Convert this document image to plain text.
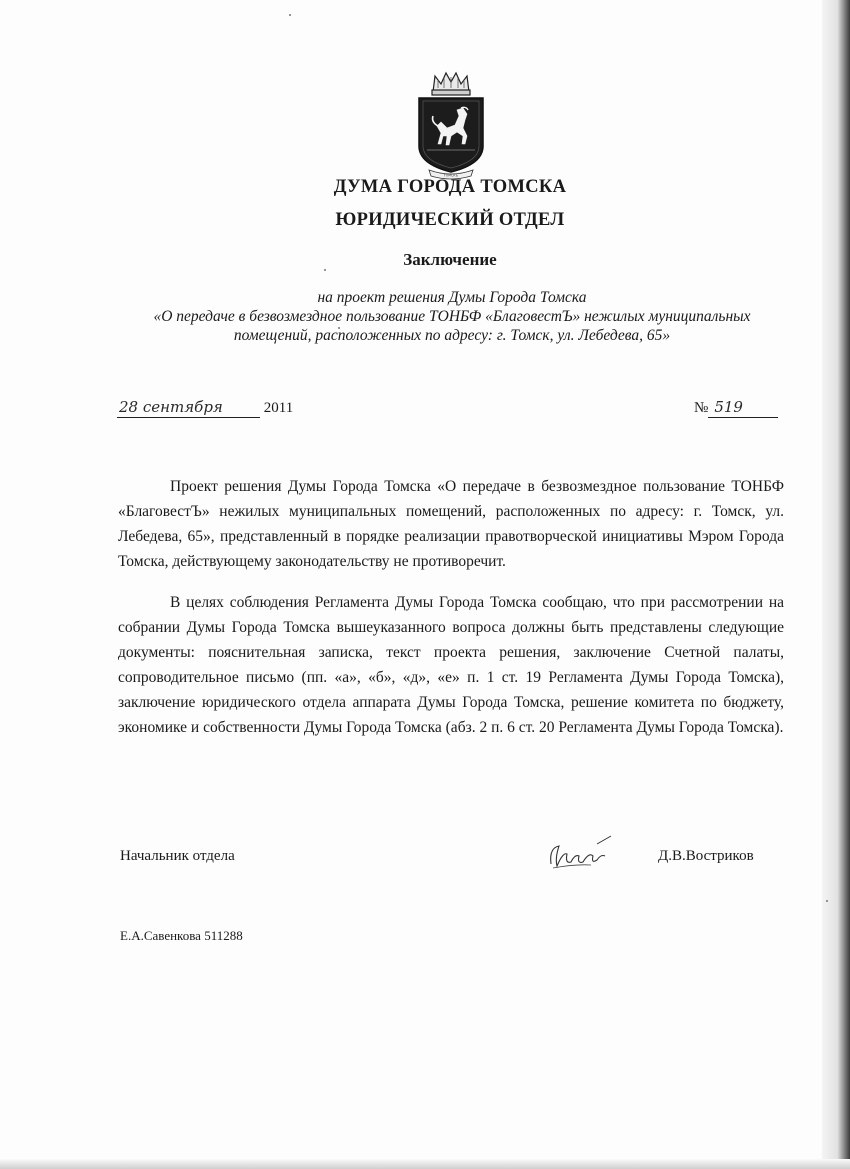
ТОМСКЪ
ДУМА ГОРОДА ТОМСКА
ЮРИДИЧЕСКИЙ ОТДЕЛ
Заключение
на проект решения Думы Города Томска
«О передаче в безвозмездное пользование ТОНБФ «БлаговестЪ» нежилых муниципальных
помещений, расположенных по адресу: г. Томск, ул. Лебедева, 65»
28 сентября	2011	№ 519
Проект решения Думы Города Томска «О передаче в безвозмездное пользование ТОНБФ «БлаговестЪ» нежилых муниципальных помещений, расположенных по адресу: г. Томск, ул. Лебедева, 65», представленный в порядке реализации правотворческой инициативы Мэром Города Томска, действующему законодательству не противоречит.
В целях соблюдения Регламента Думы Города Томска сообщаю, что при рассмотрении на собрании Думы Города Томска вышеуказанного вопроса должны быть представлены следующие документы: пояснительная записка, текст проекта решения, заключение Счетной палаты, сопроводительное письмо (пп. «а», «б», «д», «е» п. 1 ст. 19 Регламента Думы Города Томска), заключение юридического отдела аппарата Думы Города Томска, решение комитета по бюджету, экономике и собственности Думы Города Томска (абз. 2 п. 6 ст. 20 Регламента Думы Города Томска).
Начальник отдела	Д.В.Востриков
Е.А.Савенкова 511288
